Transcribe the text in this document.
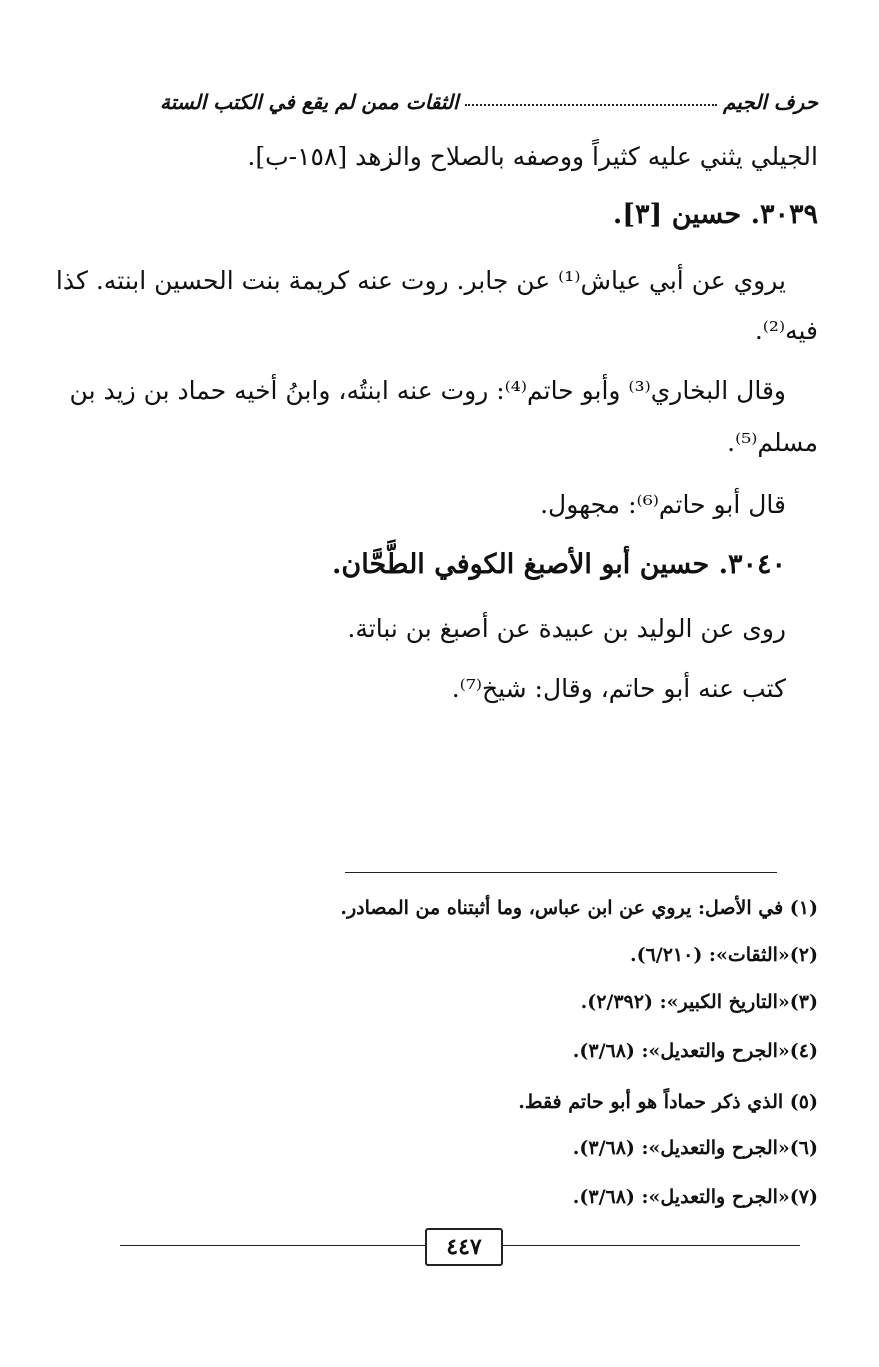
حرف الجيم
الثقات ممن لم يقع في الكتب الستة
الجيلي يثني عليه كثيراً ووصفه بالصلاح والزهد [١٥٨-ب].
٣٠٣٩. حسين [٣].
يروي عن أبي عياش⁽¹⁾ عن جابر. روت عنه كريمة بنت الحسين ابنته. كذا
فيه⁽²⁾.
وقال البخاري⁽³⁾ وأبو حاتم⁽⁴⁾: روت عنه ابنتُه، وابنُ أخيه حماد بن زيد بن
مسلم⁽⁵⁾.
قال أبو حاتم⁽⁶⁾: مجهول.
٣٠٤٠. حسين أبو الأصبغ الكوفي الطَّحَّان.
روى عن الوليد بن عبيدة عن أصبغ بن نباتة.
كتب عنه أبو حاتم، وقال: شيخ⁽⁷⁾.
(١) في الأصل: يروي عن ابن عباس، وما أثبتناه من المصادر.
(٢)«الثقات»: (٦/٢١٠).
(٣)«التاريخ الكبير»: (٢/٣٩٢).
(٤)«الجرح والتعديل»: (٣/٦٨).
(٥) الذي ذكر حماداً هو أبو حاتم فقط.
(٦)«الجرح والتعديل»: (٣/٦٨).
(٧)«الجرح والتعديل»: (٣/٦٨).
٤٤٧
